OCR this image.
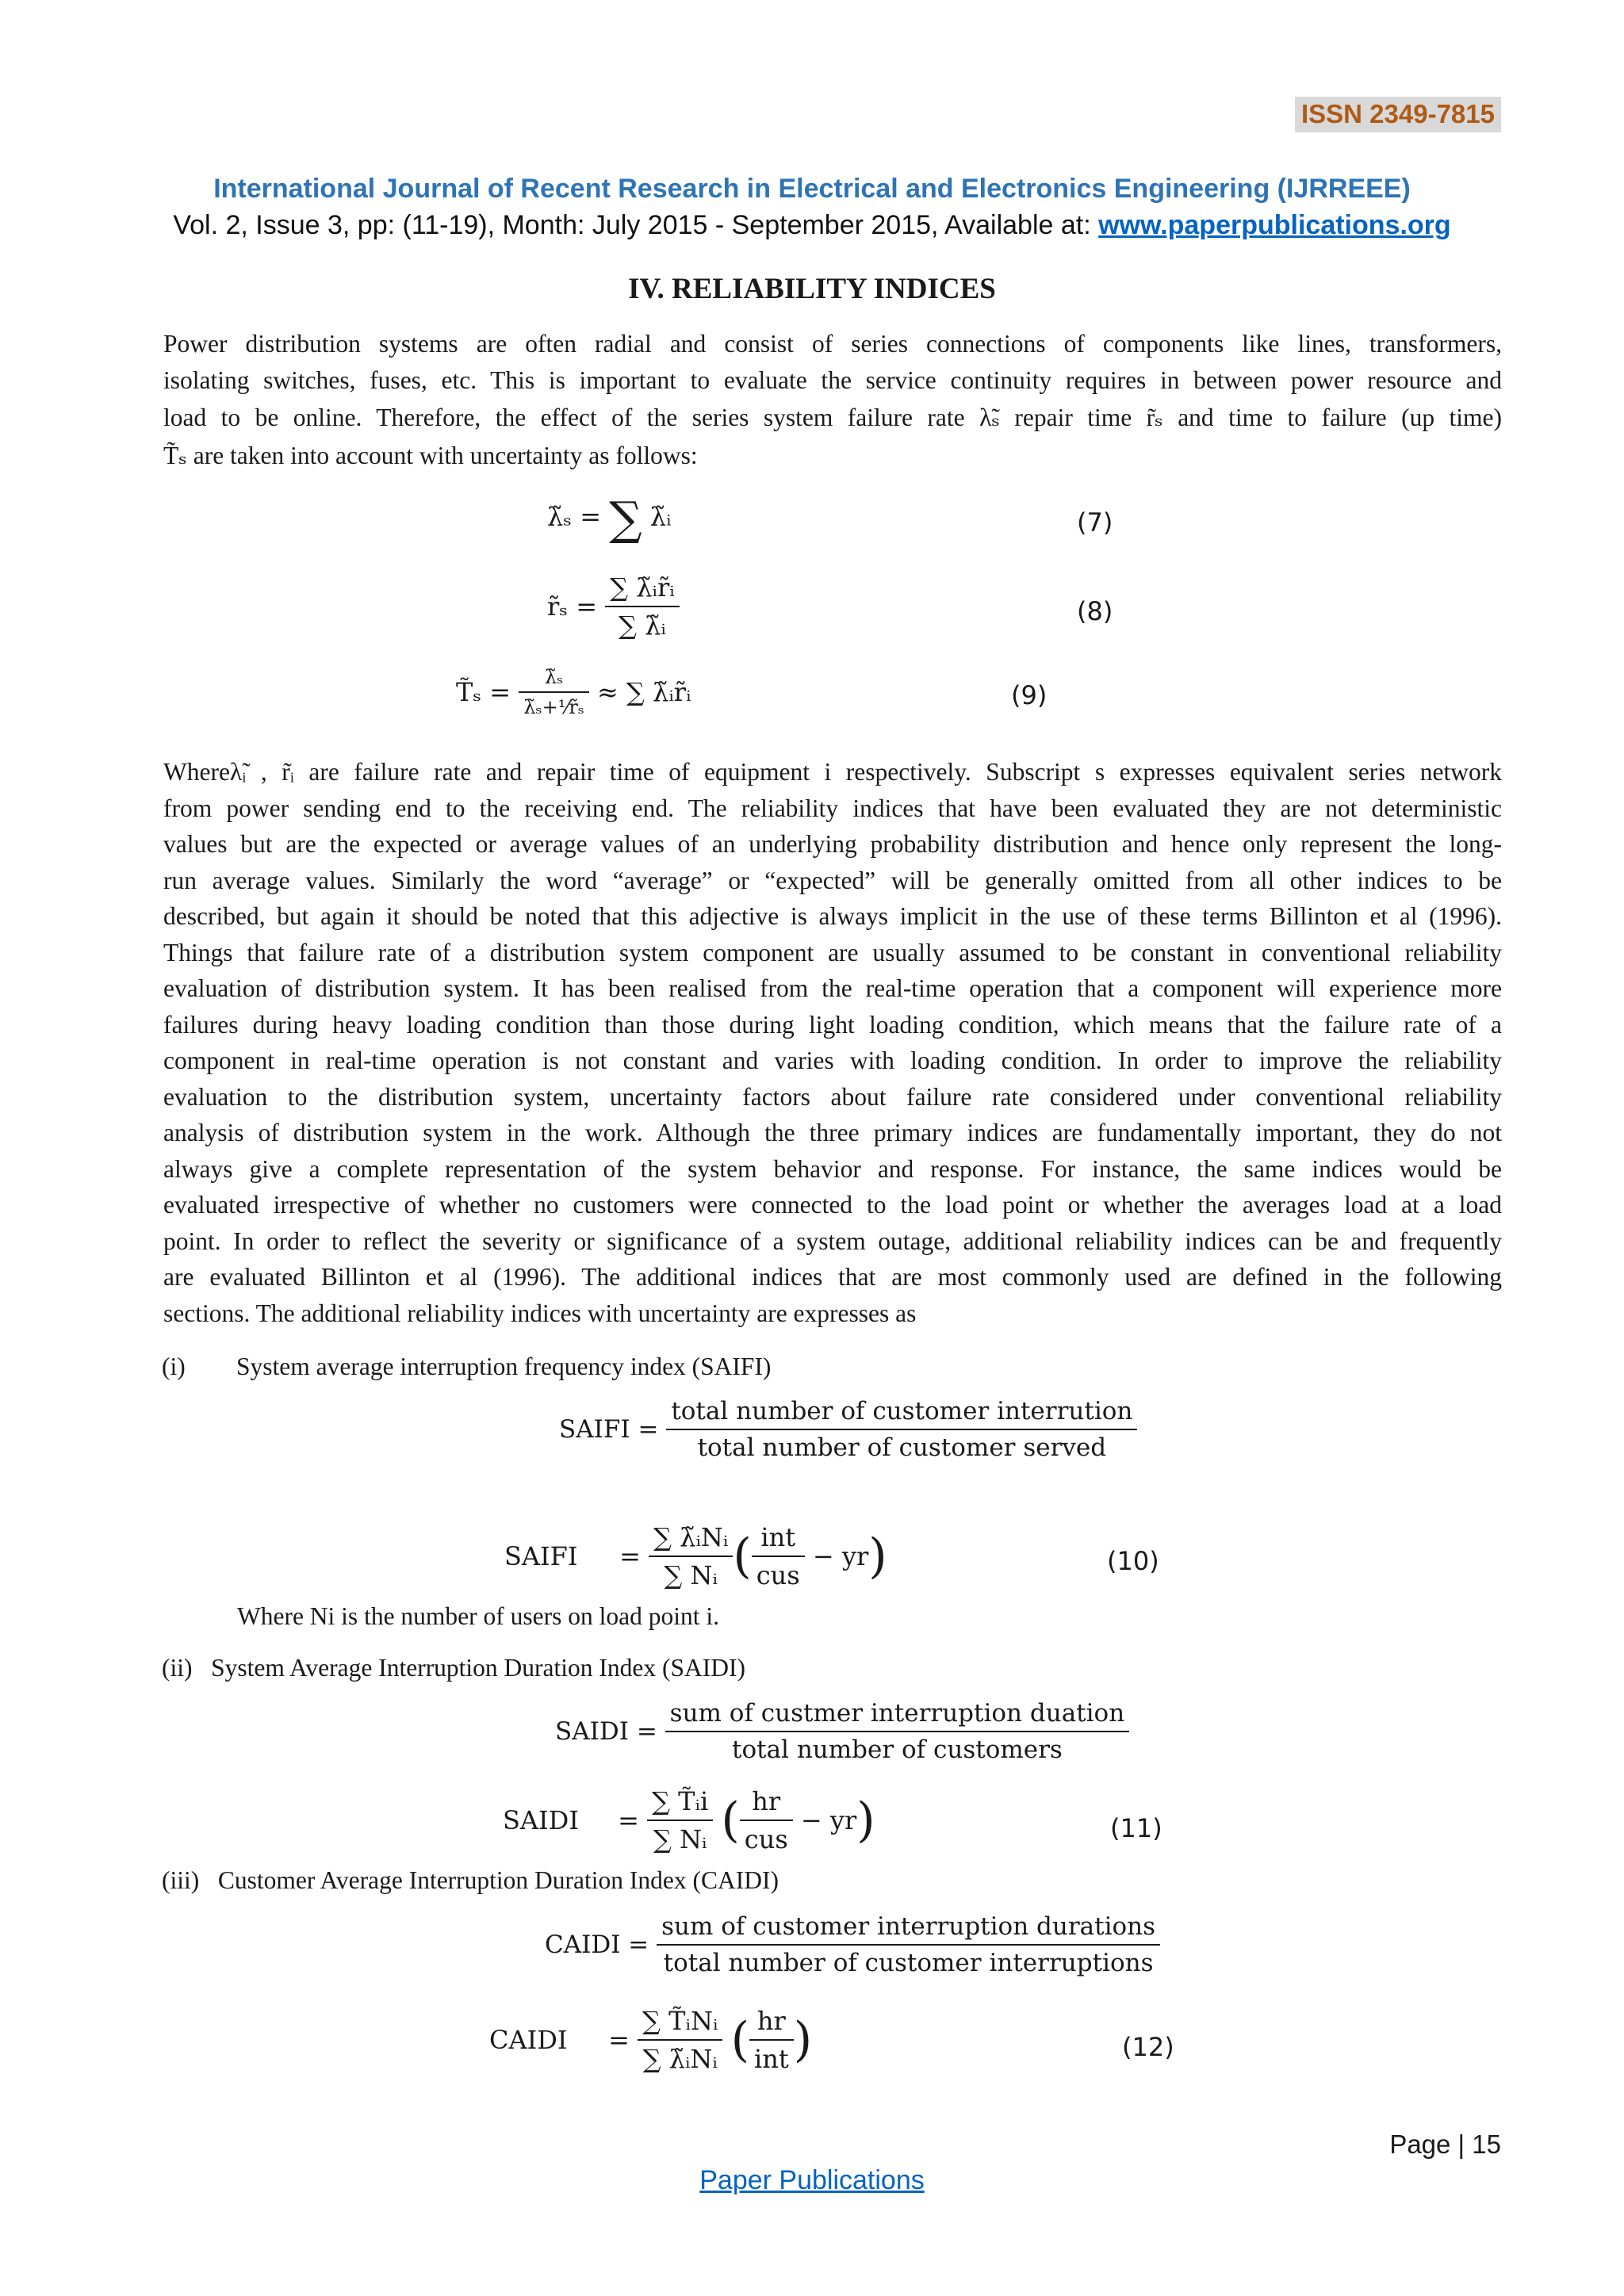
ISSN 2349-7815
International Journal of Recent Research in Electrical and Electronics Engineering (IJRREEE)
Vol. 2, Issue 3, pp: (11-19), Month: July 2015 - September 2015, Available at: www.paperpublications.org
IV. RELIABILITY INDICES
Power distribution systems are often radial and consist of series connections of components like lines, transformers,
isolating switches, fuses, etc. This is important to evaluate the service continuity requires in between power resource and
load to be online. Therefore, the effect of the series system failure rate λ̃ₛ repair time r̃ₛ and time to failure (up time)
T̃ₛ are taken into account with uncertainty as follows:
λ̃ₛ = ∑ λ̃ᵢ	(7)
r̃ₛ = $\frac{\text{∑ λ̃ᵢr̃ᵢ}}{\text{∑ λ̃ᵢ}}$	(8)
T̃ₛ = $\frac{\text{λ̃ₛ}}{\text{λ̃ₛ+¹⁄r̃ₛ}}$ ≈ ∑ λ̃ᵢr̃ᵢ	(9)
Whereλ̃ᵢ , r̃ᵢ are failure rate and repair time of equipment i respectively. Subscript s expresses equivalent series network
from power sending end to the receiving end. The reliability indices that have been evaluated they are not deterministic
values but are the expected or average values of an underlying probability distribution and hence only represent the long-
run average values. Similarly the word “average” or “expected” will be generally omitted from all other indices to be
described, but again it should be noted that this adjective is always implicit in the use of these terms Billinton et al (1996).
Things that failure rate of a distribution system component are usually assumed to be constant in conventional reliability
evaluation of distribution system. It has been realised from the real-time operation that a component will experience more
failures during heavy loading condition than those during light loading condition, which means that the failure rate of a
component in real-time operation is not constant and varies with loading condition. In order to improve the reliability
evaluation to the distribution system, uncertainty factors about failure rate considered under conventional reliability
analysis of distribution system in the work. Although the three primary indices are fundamentally important, they do not
always give a complete representation of the system behavior and response. For instance, the same indices would be
evaluated irrespective of whether no customers were connected to the load point or whether the averages load at a load
point. In order to reflect the severity or significance of a system outage, additional reliability indices can be and frequently
are evaluated Billinton et al (1996). The additional indices that are most commonly used are defined in the following
sections. The additional reliability indices with uncertainty are expresses as
(i) System average interruption frequency index (SAIFI)
SAIFI = $\frac{\text{total number of customer interrution}}{\text{total number of customer served}}$
SAIFI = $\frac{\text{∑ λ̃ᵢNᵢ}}{\text{∑ Nᵢ}}$ ( $\frac{\text{int}}{\text{cus}} - yr$)	(10)
Where Ni is the number of users on load point i.
(ii)   System Average Interruption Duration Index (SAIDI)
SAIDI = $\frac{\text{sum of custmer interruption duation}}{\text{total number of customers}}$
SAIDI = $\frac{\text{∑ T̃ᵢi}}{\text{∑ Nᵢ}}$ ( $\frac{hr}{\text{cus}} - yr$)	(11)
(iii)   Customer Average Interruption Duration Index (CAIDI)
CAIDI = $\frac{\text{sum of customer interruption durations}}{\text{total number of customer interruptions}}$
CAIDI = $\frac{\text{∑ T̃ᵢNᵢ}}{\text{∑ λ̃ᵢNᵢ}}$ ( $\frac{hr}{\text{int}}$ )	(12)
Page | 15
Paper Publications
